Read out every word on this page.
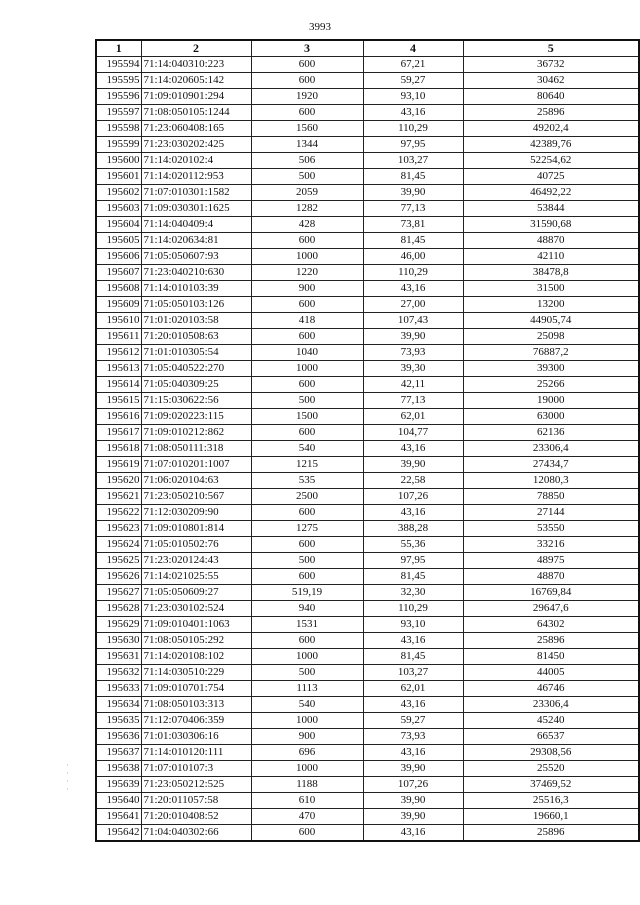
3993
1	2	3	4	5
195594	71:14:040310:223	600	67,21	36732
195595	71:14:020605:142	600	59,27	30462
195596	71:09:010901:294	1920	93,10	80640
195597	71:08:050105:1244	600	43,16	25896
195598	71:23:060408:165	1560	110,29	49202,4
195599	71:23:030202:425	1344	97,95	42389,76
195600	71:14:020102:4	506	103,27	52254,62
195601	71:14:020112:953	500	81,45	40725
195602	71:07:010301:1582	2059	39,90	46492,22
195603	71:09:030301:1625	1282	77,13	53844
195604	71:14:040409:4	428	73,81	31590,68
195605	71:14:020634:81	600	81,45	48870
195606	71:05:050607:93	1000	46,00	42110
195607	71:23:040210:630	1220	110,29	38478,8
195608	71:14:010103:39	900	43,16	31500
195609	71:05:050103:126	600	27,00	13200
195610	71:01:020103:58	418	107,43	44905,74
195611	71:20:010508:63	600	39,90	25098
195612	71:01:010305:54	1040	73,93	76887,2
195613	71:05:040522:270	1000	39,30	39300
195614	71:05:040309:25	600	42,11	25266
195615	71:15:030622:56	500	77,13	19000
195616	71:09:020223:115	1500	62,01	63000
195617	71:09:010212:862	600	104,77	62136
195618	71:08:050111:318	540	43,16	23306,4
195619	71:07:010201:1007	1215	39,90	27434,7
195620	71:06:020104:63	535	22,58	12080,3
195621	71:23:050210:567	2500	107,26	78850
195622	71:12:030209:90	600	43,16	27144
195623	71:09:010801:814	1275	388,28	53550
195624	71:05:010502:76	600	55,36	33216
195625	71:23:020124:43	500	97,95	48975
195626	71:14:021025:55	600	81,45	48870
195627	71:05:050609:27	519,19	32,30	16769,84
195628	71:23:030102:524	940	110,29	29647,6
195629	71:09:010401:1063	1531	93,10	64302
195630	71:08:050105:292	600	43,16	25896
195631	71:14:020108:102	1000	81,45	81450
195632	71:14:030510:229	500	103,27	44005
195633	71:09:010701:754	1113	62,01	46746
195634	71:08:050103:313	540	43,16	23306,4
195635	71:12:070406:359	1000	59,27	45240
195636	71:01:030306:16	900	73,93	66537
195637	71:14:010120:111	696	43,16	29308,56
195638	71:07:010107:3	1000	39,90	25520
195639	71:23:050212:525	1188	107,26	37469,52
195640	71:20:011057:58	610	39,90	25516,3
195641	71:20:010408:52	470	39,90	19660,1
195642	71:04:040302:66	600	43,16	25896
·
·
·
·
